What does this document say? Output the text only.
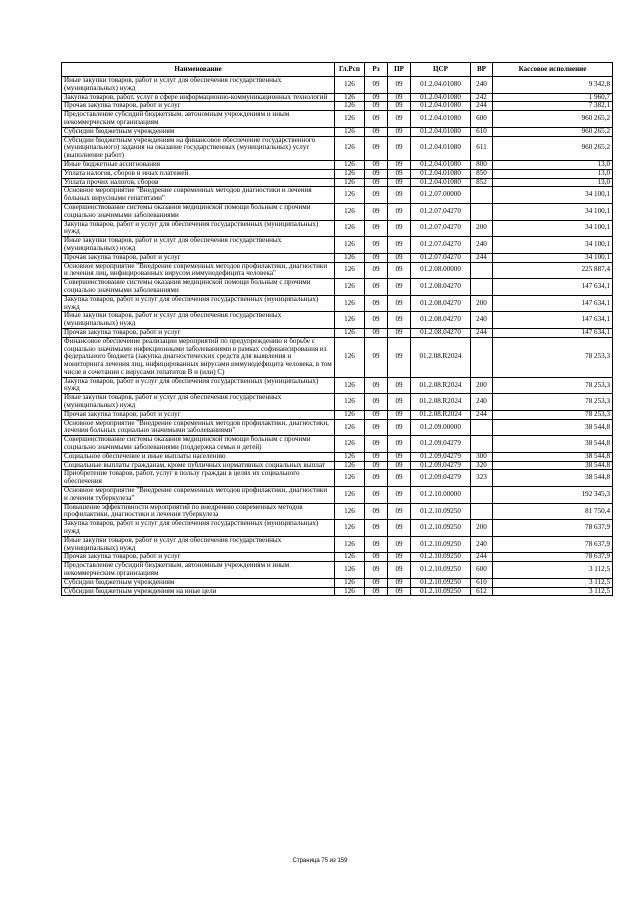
Наименование	Гл.Рсп	Рз	ПР	ЦСР	ВР	Кассовое исполнение
Иные закупки товаров, работ и услуг для обеспечения государственных (муниципальных) нужд	126	09	09	01.2.04.01080	240	9 342,8
Закупка товаров, работ, услуг в сфере информационно-коммуникационных технологий	126	09	09	01.2.04.01080	242	1 960,7
Прочая закупка товаров, работ и услуг	126	09	09	01.2.04.01080	244	7 382,1
Предоставление субсидий бюджетным, автономным учреждениям и иным некоммерческим организациям	126	09	09	01.2.04.01080	600	960 265,2
Субсидии бюджетным учреждениям	126	09	09	01.2.04.01080	610	960 265,2
Субсидии бюджетным учреждениям на финансовое обеспечение государственного (муниципального) задания на оказание государственных (муниципальных) услуг (выполнение работ)	126	09	09	01.2.04.01080	611	960 265,2
Иные бюджетные ассигнования	126	09	09	01.2.04.01080	800	13,0
Уплата налогов, сборов и иных платежей	126	09	09	01.2.04.01080	850	13,0
Уплата прочих налогов, сборов	126	09	09	01.2.04.01080	852	13,0
Основное мероприятие "Внедрение современных методов диагностики и лечения больных вирусными гепатитами"	126	09	09	01.2.07.00000		34 100,1
Совершенствование системы оказания медицинской помощи больным с прочими социально значимыми заболеваниями	126	09	09	01.2.07.04270		34 100,1
Закупка товаров, работ и услуг для обеспечения государственных (муниципальных) нужд	126	09	09	01.2.07.04270	200	34 100,1
Иные закупки товаров, работ и услуг для обеспечения государственных (муниципальных) нужд	126	09	09	01.2.07.04270	240	34 100,1
Прочая закупка товаров, работ и услуг	126	09	09	01.2.07.04270	244	34 100,1
Основное мероприятие "Внедрение современных методов профилактики, диагностики и лечения лиц, инфицированных вирусом иммунодефицита человека"	126	09	09	01.2.08.00000		225 887,4
Совершенствование системы оказания медицинской помощи больным с прочими социально значимыми заболеваниями	126	09	09	01.2.08.04270		147 634,1
Закупка товаров, работ и услуг для обеспечения государственных (муниципальных) нужд	126	09	09	01.2.08.04270	200	147 634,1
Иные закупки товаров, работ и услуг для обеспечения государственных (муниципальных) нужд	126	09	09	01.2.08.04270	240	147 634,1
Прочая закупка товаров, работ и услуг	126	09	09	01.2.08.04270	244	147 634,1
Финансовое обеспечение реализации мероприятий по предупреждению и борьбе с социально значимыми инфекционными заболеваниями в рамках софинансирования из федерального бюджета (закупка диагностических средств для выявления и мониторинга лечения лиц, инфицированных вирусами иммунодефицита человека, в том числе в сочетании с вирусами гепатитов В и (или) С)	126	09	09	01.2.08.R2024		78 253,3
Закупка товаров, работ и услуг для обеспечения государственных (муниципальных) нужд	126	09	09	01.2.08.R2024	200	78 253,3
Иные закупки товаров, работ и услуг для обеспечения государственных (муниципальных) нужд	126	09	09	01.2.08.R2024	240	78 253,3
Прочая закупка товаров, работ и услуг	126	09	09	01.2.08.R2024	244	78 253,3
Основное мероприятие "Внедрение современных методов профилактики, диагностики, лечения больных социально значимыми заболеваниями"	126	09	09	01.2.09.00000		38 544,8
Совершенствование системы оказания медицинской помощи больным с прочими социально значимыми заболеваниями (поддержка семьи и детей)	126	09	09	01.2.09.04279		38 544,8
Социальное обеспечение и иные выплаты населению	126	09	09	01.2.09.04279	300	38 544,8
Социальные выплаты гражданам, кроме публичных нормативных социальных выплат	126	09	09	01.2.09.04279	320	38 544,8
Приобретение товаров, работ, услуг в пользу граждан в целях их социального обеспечения	126	09	09	01.2.09.04279	323	38 544,8
Основное мероприятие "Внедрение современных методов профилактики, диагностики и лечения туберкулеза"	126	09	09	01.2.10.00000		192 345,3
Повышение эффективности мероприятий по внедрению современных методов профилактики, диагностики и лечения туберкулеза	126	09	09	01.2.10.09250		81 750,4
Закупка товаров, работ и услуг для обеспечения государственных (муниципальных) нужд	126	09	09	01.2.10.09250	200	78 637,9
Иные закупки товаров, работ и услуг для обеспечения государственных (муниципальных) нужд	126	09	09	01.2.10.09250	240	78 637,9
Прочая закупка товаров, работ и услуг	126	09	09	01.2.10.09250	244	78 637,9
Предоставление субсидий бюджетным, автономным учреждениям и иным некоммерческим организациям	126	09	09	01.2.10.09250	600	3 112,5
Субсидии бюджетным учреждениям	126	09	09	01.2.10.09250	610	3 112,5
Субсидии бюджетным учреждениям на иные цели	126	09	09	01.2.10.09250	612	3 112,5
Страница 75 из 159
